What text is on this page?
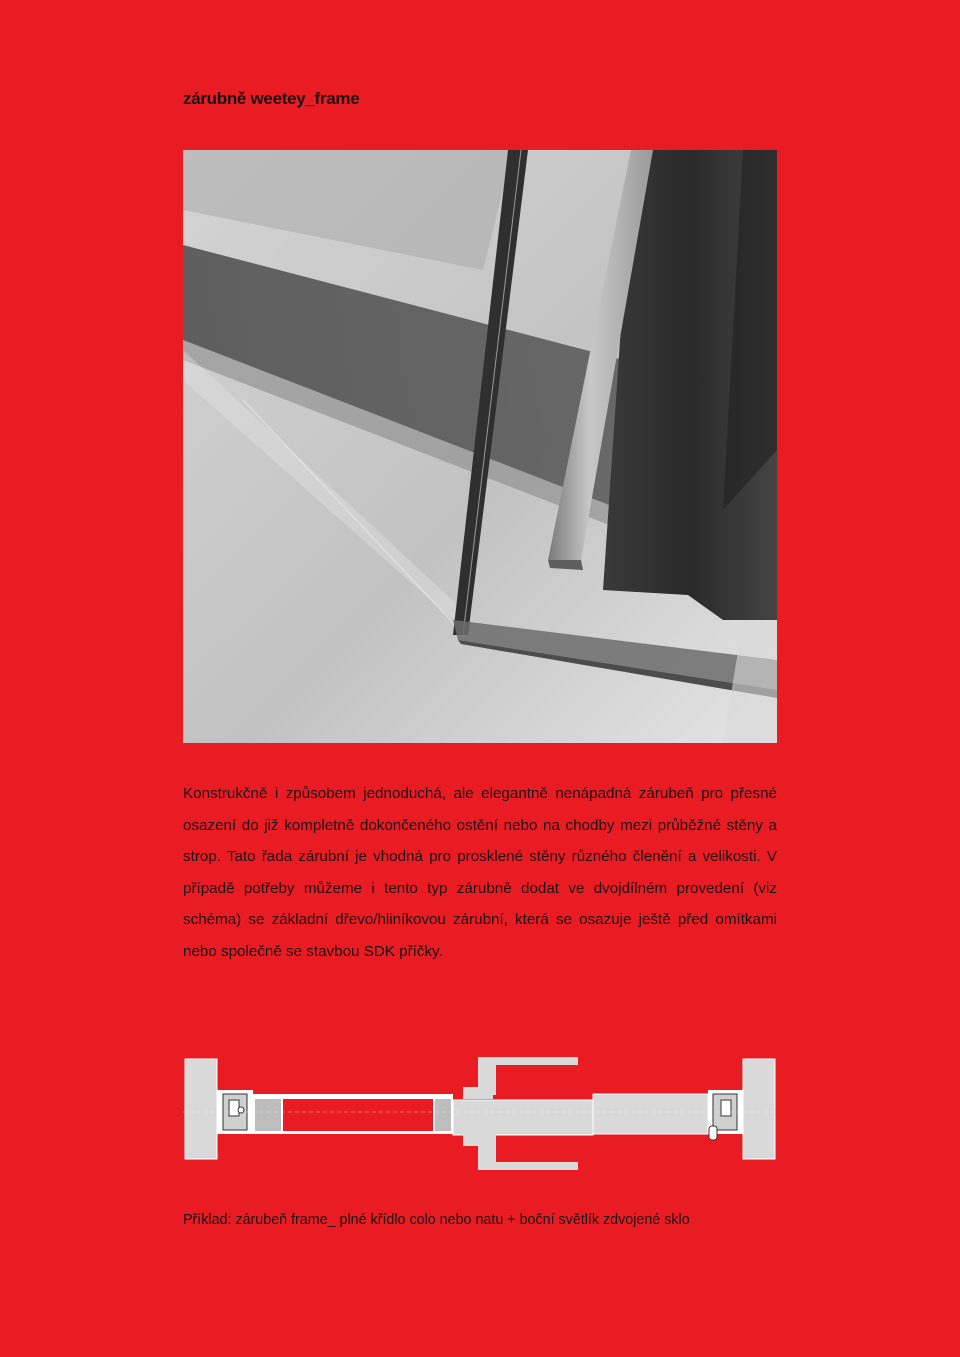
zárubně weetey_frame

Konstrukčně i způsobem jednoduchá, ale elegantně nenápadná zárubeň pro přesné osazení do již kompletně dokončeného ostění nebo na chodby mezi průběžné stěny a strop. Tato řada zárubní je vhodná pro prosklené stěny různého členění a velikosti. V případě potřeby můžeme i tento typ zárubně dodat ve dvojdílném provedení (viz schéma) se základní dřevo/hliníkovou zárubní, která se osazuje ještě před omítkami nebo společně se stavbou SDK příčky.

Příklad: zárubeň frame_ plné křídlo colo nebo natu + boční světlík zdvojené sklo
